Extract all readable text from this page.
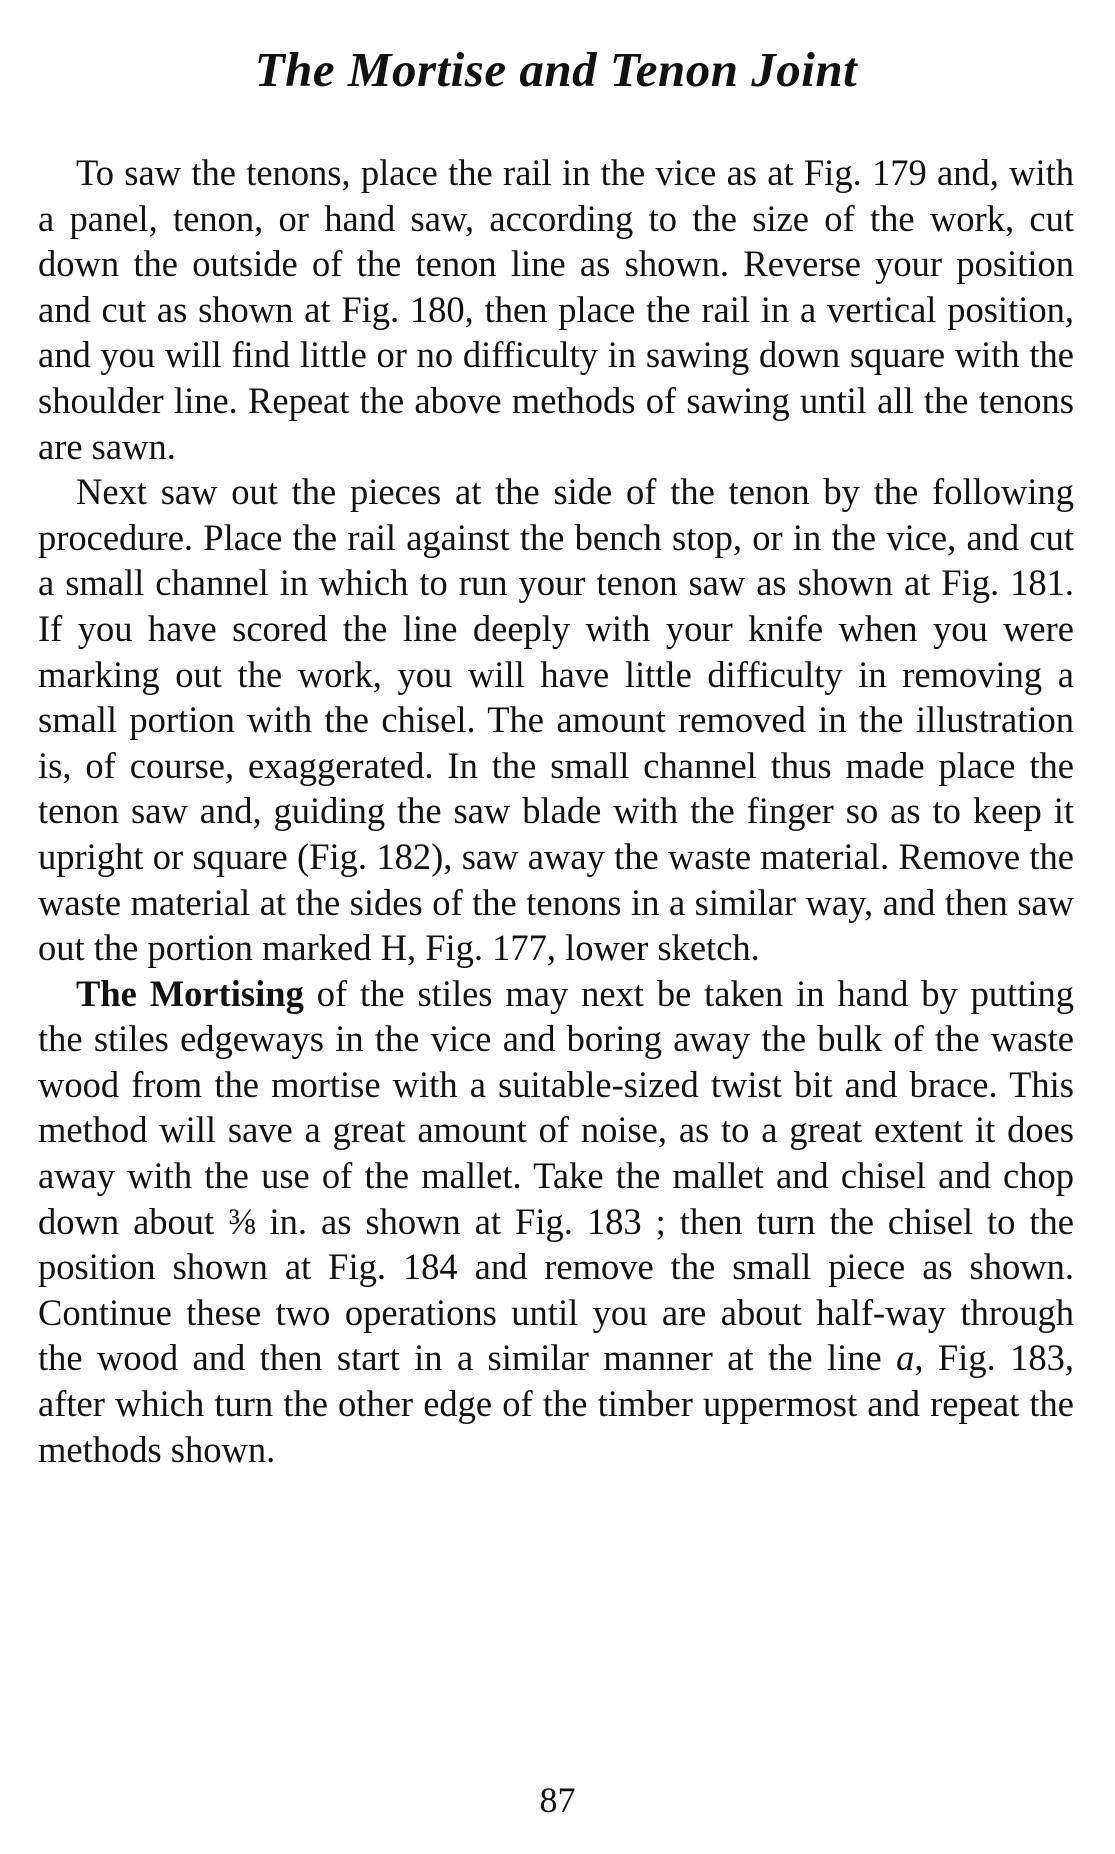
The Mortise and Tenon Joint

To saw the tenons, place the rail in the vice as at Fig. 179 and, with a panel, tenon, or hand saw, according to the size of the work, cut down the outside of the tenon line as shown. Reverse your position and cut as shown at Fig. 180, then place the rail in a vertical position, and you will find little or no difficulty in sawing down square with the shoulder line. Repeat the above methods of sawing until all the tenons are sawn.

Next saw out the pieces at the side of the tenon by the following procedure. Place the rail against the bench stop, or in the vice, and cut a small channel in which to run your tenon saw as shown at Fig. 181. If you have scored the line deeply with your knife when you were marking out the work, you will have little difficulty in removing a small portion with the chisel. The amount removed in the illustration is, of course, exaggerated. In the small channel thus made place the tenon saw and, guiding the saw blade with the finger so as to keep it upright or square (Fig. 182), saw away the waste material. Remove the waste material at the sides of the tenons in a similar way, and then saw out the portion marked H, Fig. 177, lower sketch.

The Mortising of the stiles may next be taken in hand by putting the stiles edgeways in the vice and boring away the bulk of the waste wood from the mortise with a suitable-sized twist bit and brace. This method will save a great amount of noise, as to a great extent it does away with the use of the mallet. Take the mallet and chisel and chop down about ⅜ in. as shown at Fig. 183 ; then turn the chisel to the position shown at Fig. 184 and remove the small piece as shown. Continue these two operations until you are about half-way through the wood and then start in a similar manner at the line a, Fig. 183, after which turn the other edge of the timber uppermost and repeat the methods shown.

87
